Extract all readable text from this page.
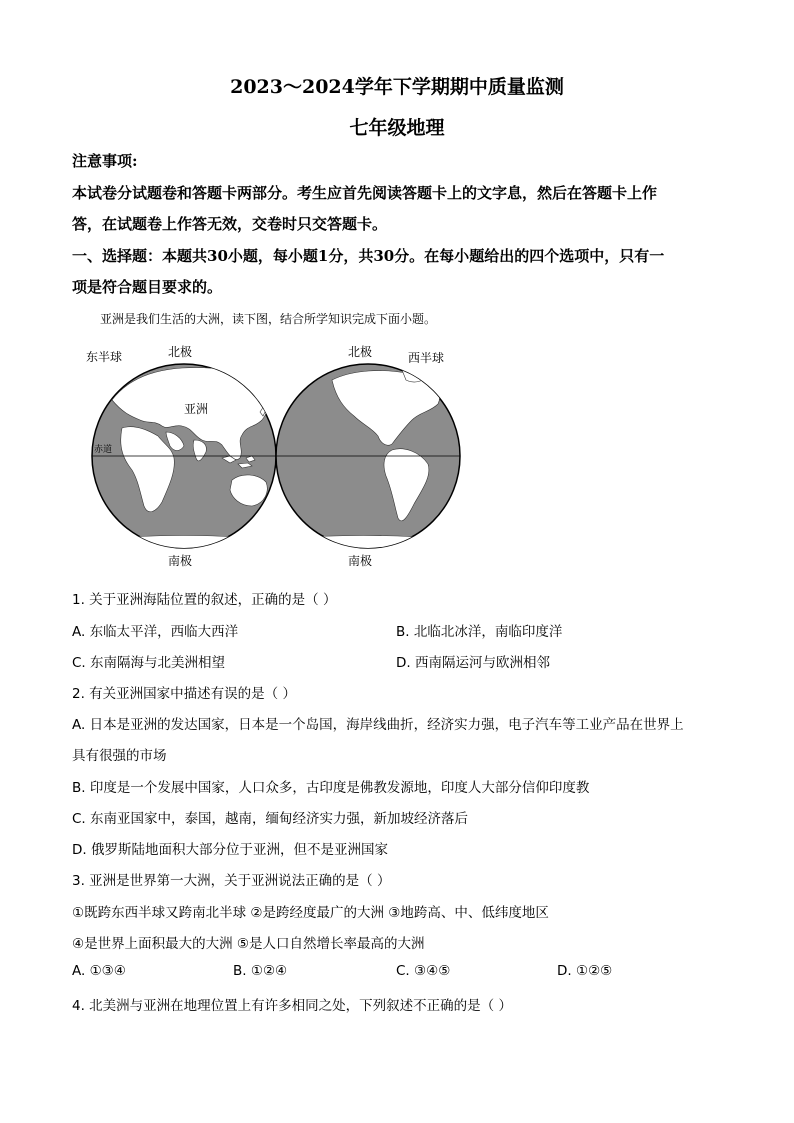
2023～2024学年下学期期中质量监测
七年级地理
注意事项:
本试卷分试题卷和答题卡两部分。考生应首先阅读答题卡上的文字息，然后在答题卡上作
答，在试题卷上作答无效，交卷时只交答题卡。
一、选择题：本题共30小题，每小题1分，共30分。在每小题给出的四个选项中，只有一
项是符合题目要求的。
亚洲是我们生活的大洲，读下图，结合所学知识完成下面小题。
东半球	北极	北极	西半球
亚洲
赤道
南极	南极
1. 关于亚洲海陆位置的叙述，正确的是（ ）
A. 东临太平洋，西临大西洋	B. 北临北冰洋，南临印度洋
C. 东南隔海与北美洲相望	D. 西南隔运河与欧洲相邻
2. 有关亚洲国家中描述有误的是（ ）
A. 日本是亚洲的发达国家，日本是一个岛国，海岸线曲折，经济实力强，电子汽车等工业产品在世界上
具有很强的市场
B. 印度是一个发展中国家，人口众多，古印度是佛教发源地，印度人大部分信仰印度教
C. 东南亚国家中，泰国，越南，缅甸经济实力强，新加坡经济落后
D. 俄罗斯陆地面积大部分位于亚洲，但不是亚洲国家
3. 亚洲是世界第一大洲，关于亚洲说法正确的是（ ）
①既跨东西半球又跨南北半球 ②是跨经度最广的大洲 ③地跨高、中、低纬度地区
④是世界上面积最大的大洲 ⑤是人口自然增长率最高的大洲
A. ①③④	B. ①②④	C. ③④⑤	D. ①②⑤
4. 北美洲与亚洲在地理位置上有许多相同之处，下列叙述不正确的是（ ）
